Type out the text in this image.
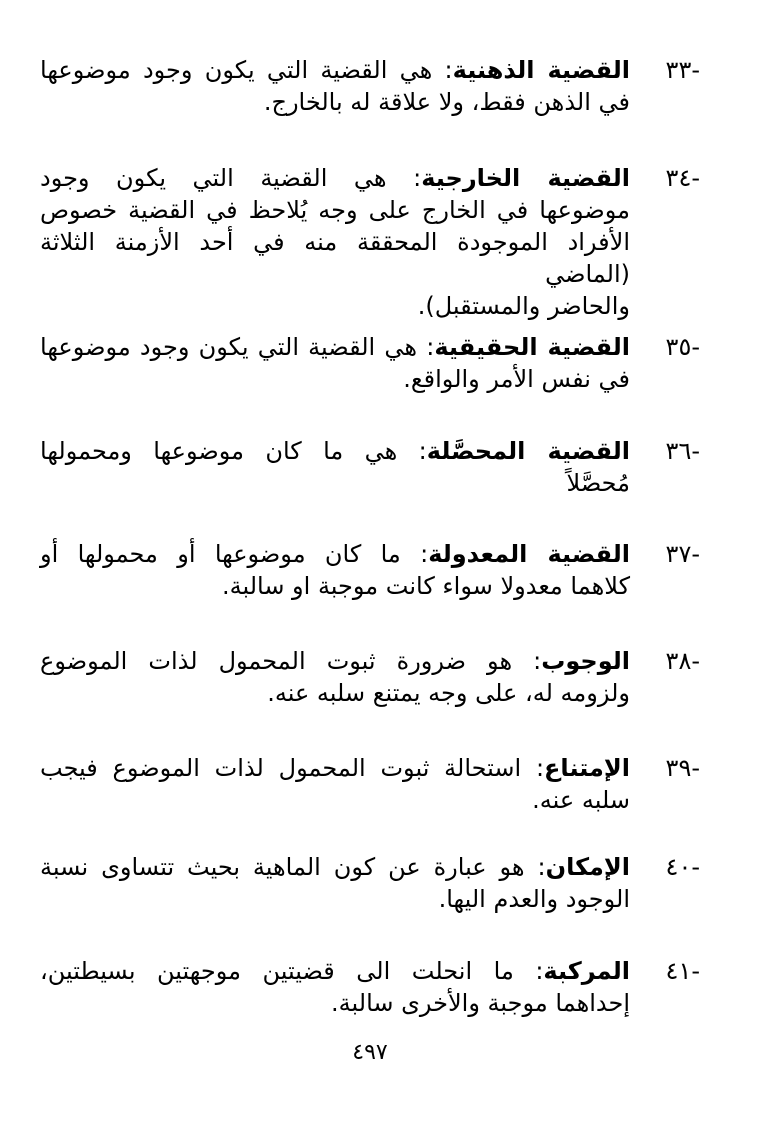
-٣٣
القضية الذهنية: هي القضية التي يكون وجود موضوعها
في الذهن فقط، ولا علاقة له بالخارج.
-٣٤
القضية الخارجية: هي القضية التي يكون وجود
موضوعها في الخارج على وجه يُلاحظ في القضية خصوص
الأفراد الموجودة المحققة منه في أحد الأزمنة الثلاثة (الماضي
والحاضر والمستقبل).
-٣٥
القضية الحقيقية: هي القضية التي يكون وجود موضوعها
في نفس الأمر والواقع.
-٣٦
القضية المحصَّلة: هي ما كان موضوعها ومحمولها
مُحصَّلاً
-٣٧
القضية المعدولة: ما كان موضوعها أو محمولها أو
كلاهما معدولا سواء كانت موجبة او سالبة.
-٣٨
الوجوب: هو ضرورة ثبوت المحمول لذات الموضوع
ولزومه له، على وجه يمتنع سلبه عنه.
-٣٩
الإمتناع: استحالة ثبوت المحمول لذات الموضوع فيجب
سلبه عنه.
-٤٠
الإمكان: هو عبارة عن كون الماهية بحيث تتساوى نسبة
الوجود والعدم اليها.
-٤١
المركبة: ما انحلت الى قضيتين موجهتين بسيطتين،
إحداهما موجبة والأخرى سالبة.
٤٩٧
